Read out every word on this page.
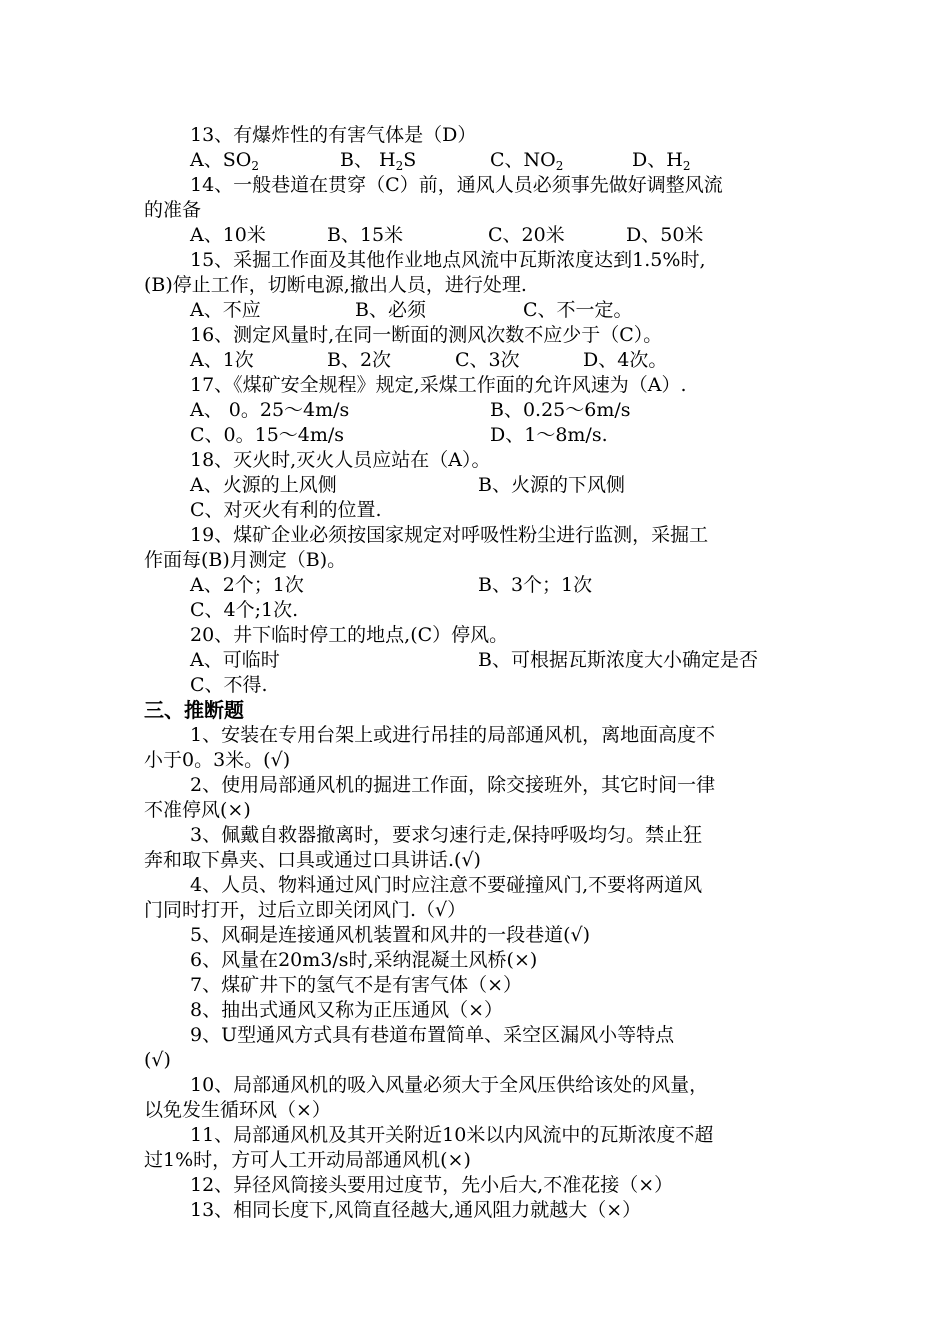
13、有爆炸性的有害气体是（D）
A、$SO_2$	B、 $H_2S$	C、$NO_2$	D、$H_2$
14、一般巷道在贯穿（C）前，通风人员必须事先做好调整风流
的准备
A、10米	B、15米	C、20米	D、50米
15、采掘工作面及其他作业地点风流中瓦斯浓度达到1.5%时,
(B)停止工作，切断电源,撤出人员，进行处理.
A、不应	B、必须	C、不一定。
16、测定风量时,在同一断面的测风次数不应少于（C）。
A、1次	B、2次	C、3次	D、4次。
17、《煤矿安全规程》规定,采煤工作面的允许风速为（A）.
A、 0。25～4m/s	B、0.25～6m/s
C、0。15～4m/s	D、1～8m/s.
18、灭火时,灭火人员应站在（A）。
A、火源的上风侧	B、火源的下风侧
C、对灭火有利的位置.
19、煤矿企业必须按国家规定对呼吸性粉尘进行监测，采掘工
作面每(B)月测定（B)。
A、2个；1次	B、3个；1次
C、4个;1次.
20、井下临时停工的地点,(C）停风。
A、可临时	B、可根据瓦斯浓度大小确定是否
C、不得.
三、推断题
1、安装在专用台架上或进行吊挂的局部通风机，离地面高度不
小于0。3米。(√)
2、使用局部通风机的掘进工作面，除交接班外，其它时间一律
不准停风(×)
3、佩戴自救器撤离时，要求匀速行走,保持呼吸均匀。禁止狂
奔和取下鼻夹、口具或通过口具讲话.(√)
4、人员、物料通过风门时应注意不要碰撞风门,不要将两道风
门同时打开，过后立即关闭风门.（√）
5、风硐是连接通风机装置和风井的一段巷道(√)
6、风量在20m3/s时,采纳混凝土风桥(×)
7、煤矿井下的氢气不是有害气体（×）
8、抽出式通风又称为正压通风（×）
9、U型通风方式具有巷道布置简单、采空区漏风小等特点
(√)
10、局部通风机的吸入风量必须大于全风压供给该处的风量，
以免发生循环风（×）
11、局部通风机及其开关附近10米以内风流中的瓦斯浓度不超
过1%时，方可人工开动局部通风机(×)
12、异径风筒接头要用过度节，先小后大,不准花接（×）
13、相同长度下,风筒直径越大,通风阻力就越大（×）
